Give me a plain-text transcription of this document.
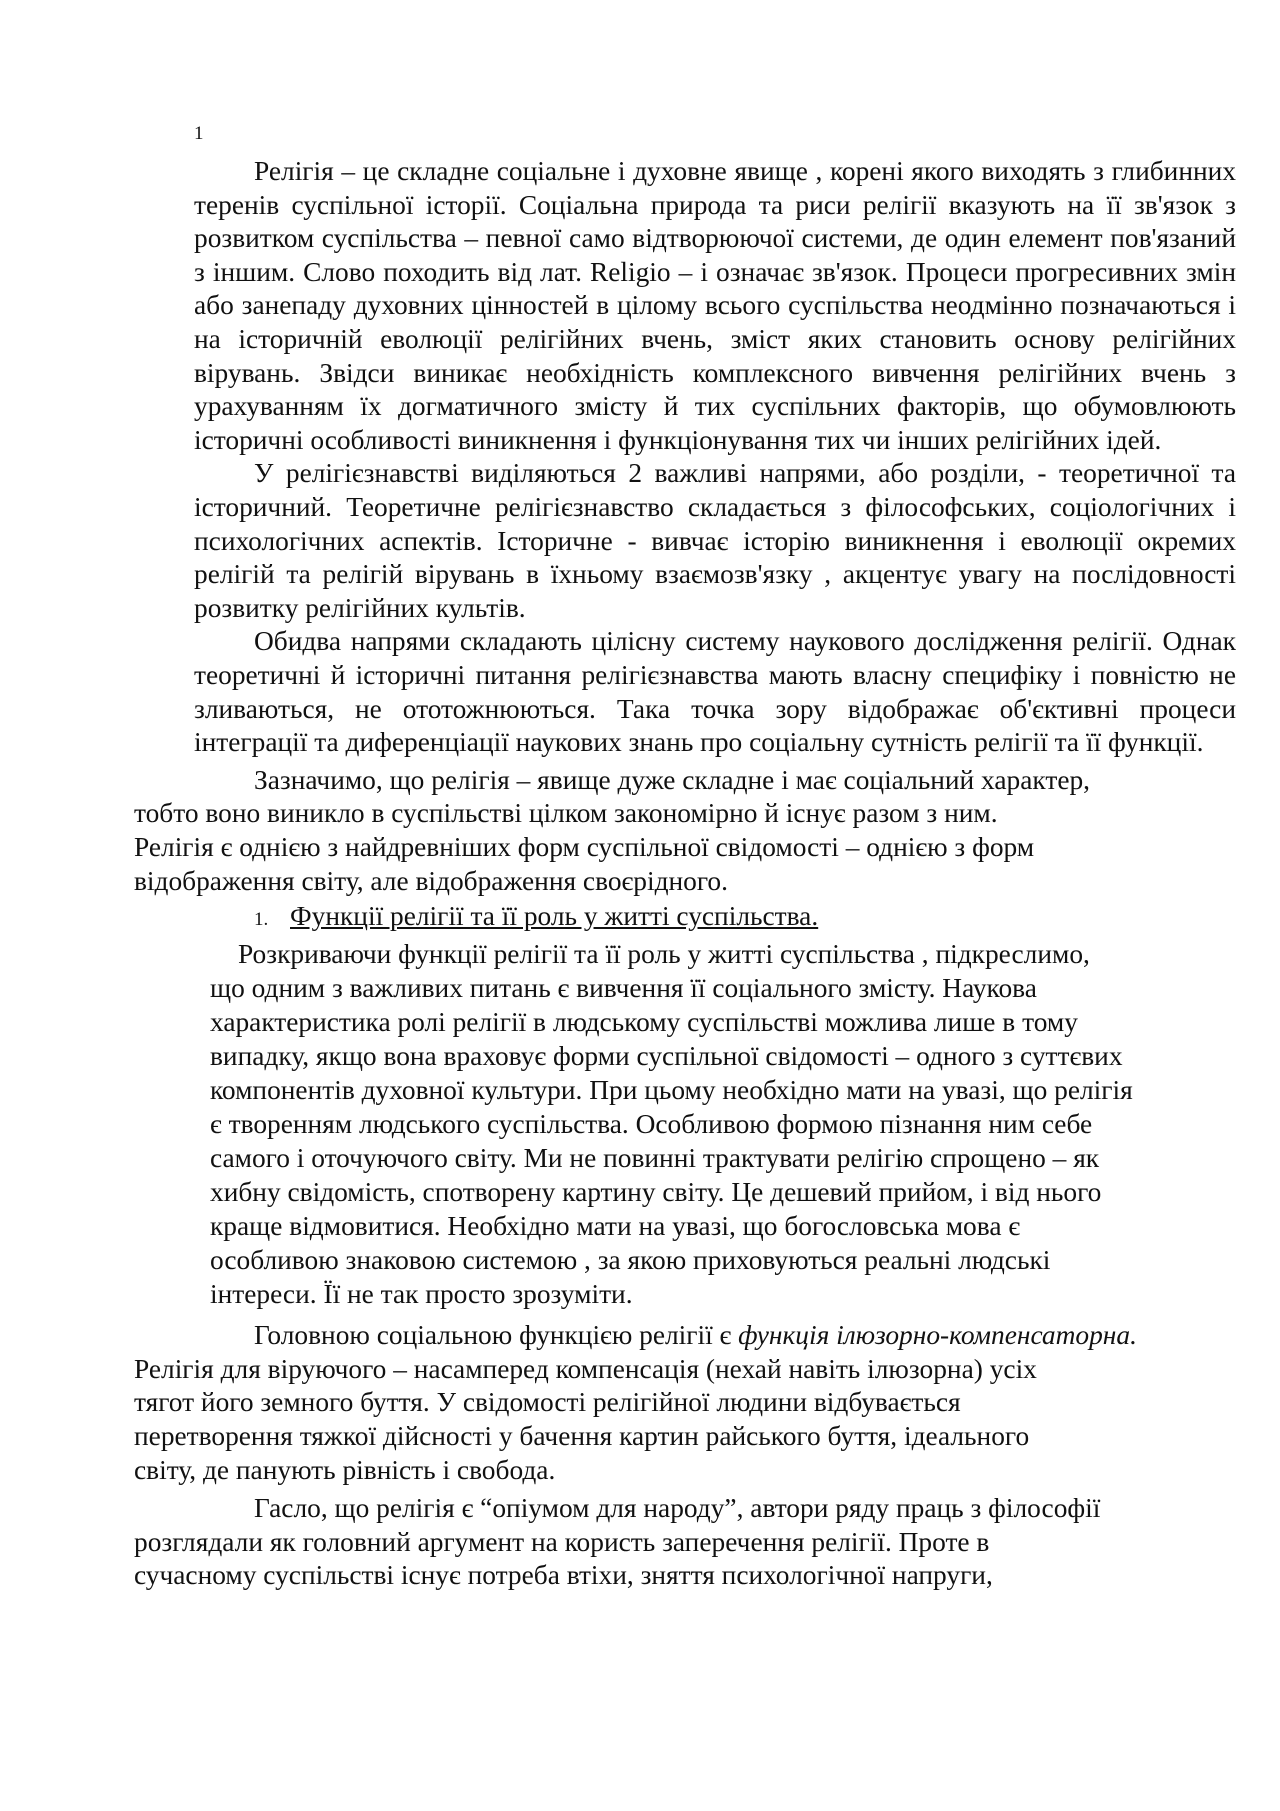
1

Релігія – це складне соціальне і духовне явище , корені якого виходять з глибинних теренів суспільної історії. Соціальна природа та риси релігії вказують на її зв'язок з розвитком суспільства – певної само відтворюючої системи, де один елемент пов'язаний з іншим. Слово походить від лат. Religio – і означає зв'язок. Процеси прогресивних змін або занепаду духовних цінностей в цілому всього суспільства неодмінно позначаються і на історичній еволюції релігійних вчень, зміст яких становить основу релігійних вірувань. Звідси виникає необхідність комплексного вивчення релігійних вчень з урахуванням їх догматичного змісту й тих суспільних факторів, що обумовлюють історичні особливості виникнення і функціонування тих чи інших релігійних ідей.

У релігієзнавстві виділяються 2 важливі напрями, або розділи, - теоретичної та історичний. Теоретичне релігієзнавство складається з філософських, соціологічних і психологічних аспектів. Історичне - вивчає історію виникнення і еволюції окремих релігій та релігій вірувань в їхньому взаємозв'язку , акцентує увагу на послідовності розвитку релігійних культів.

Обидва напрями складають цілісну систему наукового дослідження релігії. Однак теоретичні й історичні питання релігієзнавства мають власну специфіку і повністю не зливаються, не ототожнюються. Така точка зору відображає об'єктивні процеси інтеграції та диференціації наукових знань про соціальну сутність релігії та її функції.

Зазначимо, що релігія – явище дуже складне і має соціальний характер,
тобто воно виникло в суспільстві цілком закономірно й існує разом з ним.
Релігія є однією з найдревніших форм суспільної свідомості – однією з форм
відображення світу, але відображення своєрідного.

1. Функції релігії та її роль у житті суспільства.

Розкриваючи функції релігії та її роль у житті суспільства , підкреслимо,
що одним з важливих питань є вивчення її соціального змісту. Наукова
характеристика ролі релігії в людському суспільстві можлива лише в тому
випадку, якщо вона враховує форми суспільної свідомості – одного з суттєвих
компонентів духовної культури. При цьому необхідно мати на увазі, що релігія
є творенням людського суспільства. Особливою формою пізнання ним себе
самого і оточуючого світу. Ми не повинні трактувати релігію спрощено – як
хибну свідомість, спотворену картину світу. Це дешевий прийом, і від нього
краще відмовитися. Необхідно мати на увазі, що богословська мова є
особливою знаковою системою , за якою приховуються реальні людські
інтереси. Її не так просто зрозуміти.

Головною соціальною функцією релігії є функція ілюзорно-компенсаторна.
Релігія для віруючого – насамперед компенсація (нехай навіть ілюзорна) усіх
тягот його земного буття. У свідомості релігійної людини відбувається
перетворення тяжкої дійсності у бачення картин райського буття, ідеального
світу, де панують рівність і свобода.

Гасло, що релігія є “опіумом для народу”, автори ряду праць з філософії
розглядали як головний аргумент на користь заперечення релігії. Проте в
сучасному суспільстві існує потреба втіхи, зняття психологічної напруги,
